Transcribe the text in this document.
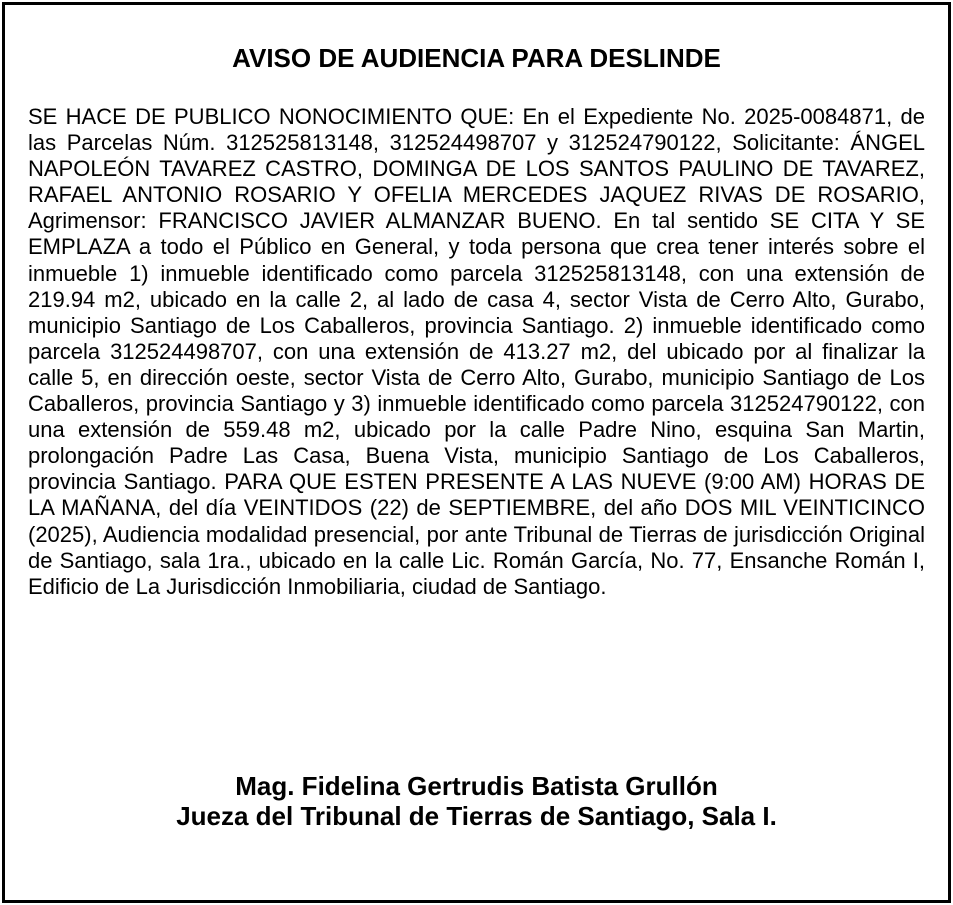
AVISO DE AUDIENCIA PARA DESLINDE

SE HACE DE PUBLICO NONOCIMIENTO QUE: En el Expediente No. 2025-0084871, de las Parcelas Núm. 312525813148, 312524498707 y 312524790122, Solicitante: ÁNGEL NAPOLEÓN TAVAREZ CASTRO, DOMINGA DE LOS SANTOS PAULINO DE TAVAREZ, RAFAEL ANTONIO ROSARIO Y OFELIA MERCEDES JAQUEZ RIVAS DE ROSARIO, Agrimensor: FRANCISCO JAVIER ALMANZAR BUENO. En tal sentido SE CITA Y SE EMPLAZA a todo el Público en General, y toda persona que crea tener interés sobre el inmueble 1) inmueble identificado como parcela 312525813148, con una extensión de 219.94 m2, ubicado en la calle 2, al lado de casa 4, sector Vista de Cerro Alto, Gurabo, municipio Santiago de Los Caballeros, provincia Santiago. 2) inmueble identificado como parcela 312524498707, con una extensión de 413.27 m2, del ubicado por al finalizar la calle 5, en dirección oeste, sector Vista de Cerro Alto, Gurabo, municipio Santiago de Los Caballeros, provincia Santiago y 3) inmueble identificado como parcela 312524790122, con una extensión de 559.48 m2, ubicado por la calle Padre Nino, esquina San Martin, prolongación Padre Las Casa, Buena Vista, municipio Santiago de Los Caballeros, provincia Santiago. PARA QUE ESTEN PRESENTE A LAS NUEVE (9:00 AM) HORAS DE LA MAÑANA, del día VEINTIDOS (22) de SEPTIEMBRE, del año DOS MIL VEINTICINCO (2025), Audiencia modalidad presencial, por ante Tribunal de Tierras de jurisdicción Original de Santiago, sala 1ra., ubicado en la calle Lic. Román García, No. 77, Ensanche Román I, Edificio de La Jurisdicción Inmobiliaria, ciudad de Santiago.

Mag. Fidelina Gertrudis Batista Grullón
Jueza del Tribunal de Tierras de Santiago, Sala I.
